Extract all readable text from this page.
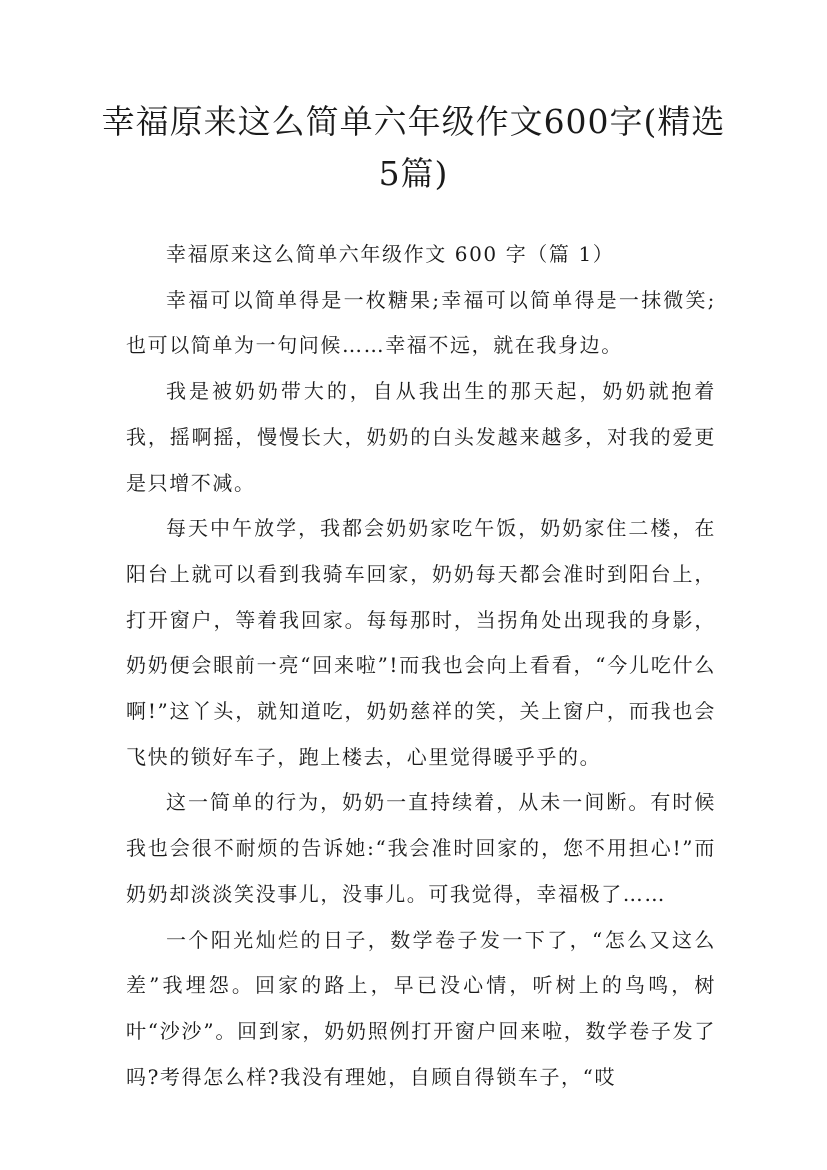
幸福原来这么简单六年级作文600字(精选
5篇)

幸福原来这么简单六年级作文 600 字（篇 1）

幸福可以简单得是一枚糖果;幸福可以简单得是一抹微笑;也可以简单为一句问候……幸福不远，就在我身边。

我是被奶奶带大的，自从我出生的那天起，奶奶就抱着我，摇啊摇，慢慢长大，奶奶的白头发越来越多，对我的爱更是只增不减。

每天中午放学，我都会奶奶家吃午饭，奶奶家住二楼，在阳台上就可以看到我骑车回家，奶奶每天都会准时到阳台上，打开窗户，等着我回家。每每那时，当拐角处出现我的身影，奶奶便会眼前一亮“回来啦”!而我也会向上看看，“今儿吃什么啊!”这丫头，就知道吃，奶奶慈祥的笑，关上窗户，而我也会飞快的锁好车子，跑上楼去，心里觉得暖乎乎的。

这一简单的行为，奶奶一直持续着，从未一间断。有时候我也会很不耐烦的告诉她:“我会准时回家的，您不用担心!”而奶奶却淡淡笑没事儿，没事儿。可我觉得，幸福极了……

一个阳光灿烂的日子，数学卷子发一下了，“怎么又这么差”我埋怨。回家的路上，早已没心情，听树上的鸟鸣，树叶“沙沙”。回到家，奶奶照例打开窗户回来啦，数学卷子发了吗?考得怎么样?我没有理她，自顾自得锁车子，“哎
